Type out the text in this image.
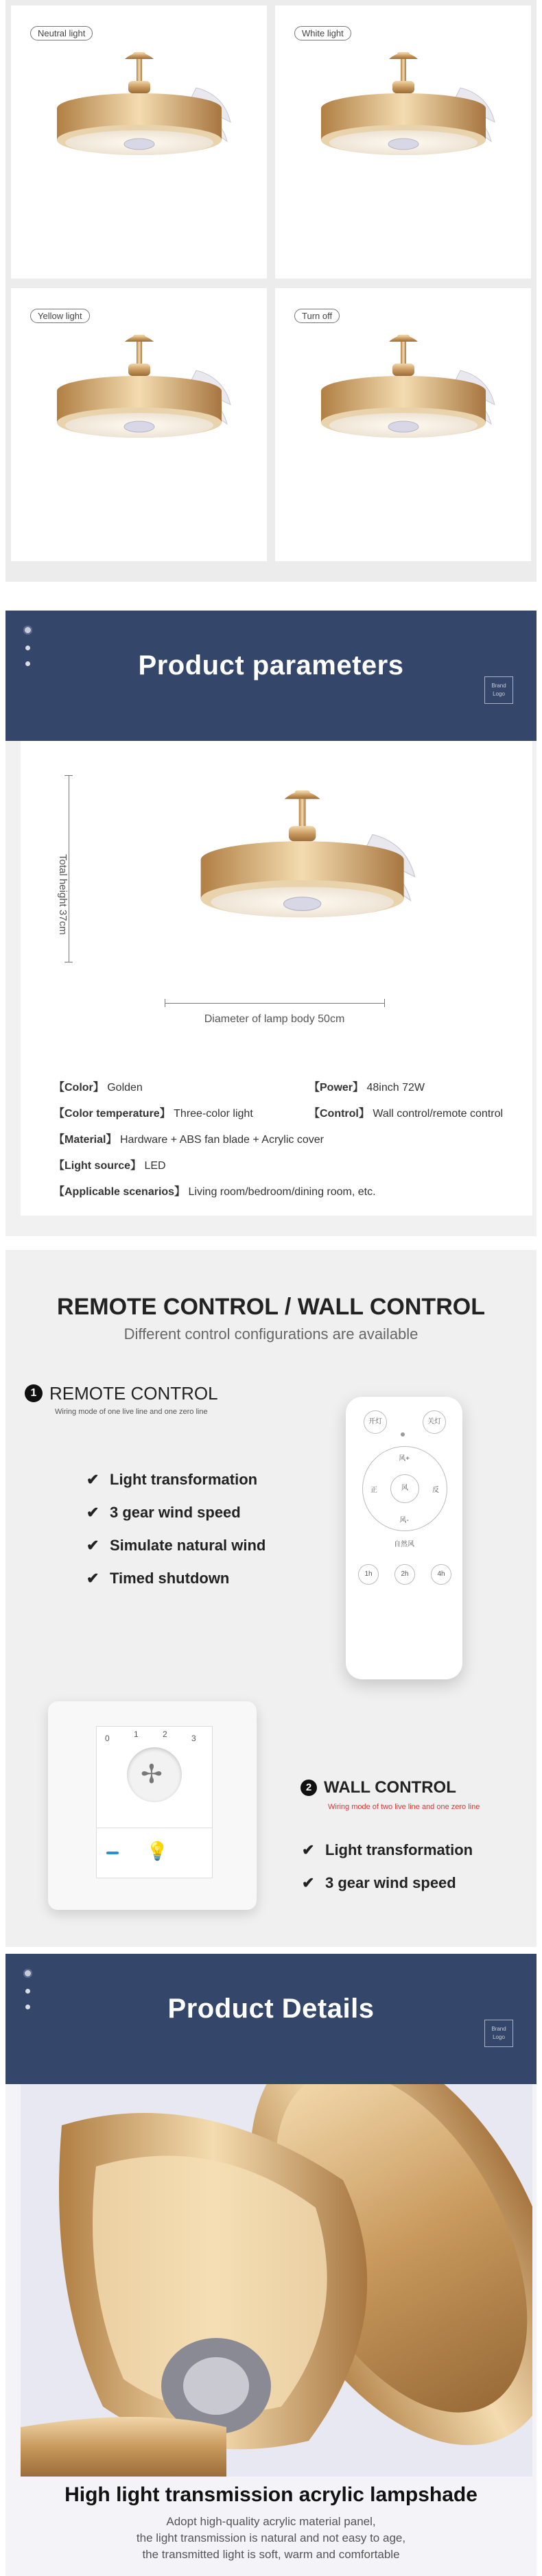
Neutral light	White light
Yellow light	Turn off
Product parameters
Brand Logo
Total height 37cm
Diameter of lamp body 50cm
【Color】 Golden	【Power】 48inch 72W
【Color temperature】 Three-color light	【Control】 Wall control/remote control
【Material】 Hardware + ABS fan blade + Acrylic cover
【Light source】 LED
【Applicable scenarios】 Living room/bedroom/dining room, etc.
REMOTE CONTROL / WALL CONTROL
Different control configurations are available
1 REMOTE CONTROL
Wiring mode of one live line and one zero line
✔ Light transformation
✔ 3 gear wind speed
✔ Simulate natural wind
✔ Timed shutdown
开灯	关灯
风+
风-
正	反
风
自然风
1h	2h	4h
0	1	2	3
✢
💡
2 WALL CONTROL
Wiring mode of two live line and one zero line
✔ Light transformation
✔ 3 gear wind speed
Product Details
Brand Logo
High light transmission acrylic lampshade
Adopt high-quality acrylic material panel,
the light transmission is natural and not easy to age,
the transmitted light is soft, warm and comfortable
